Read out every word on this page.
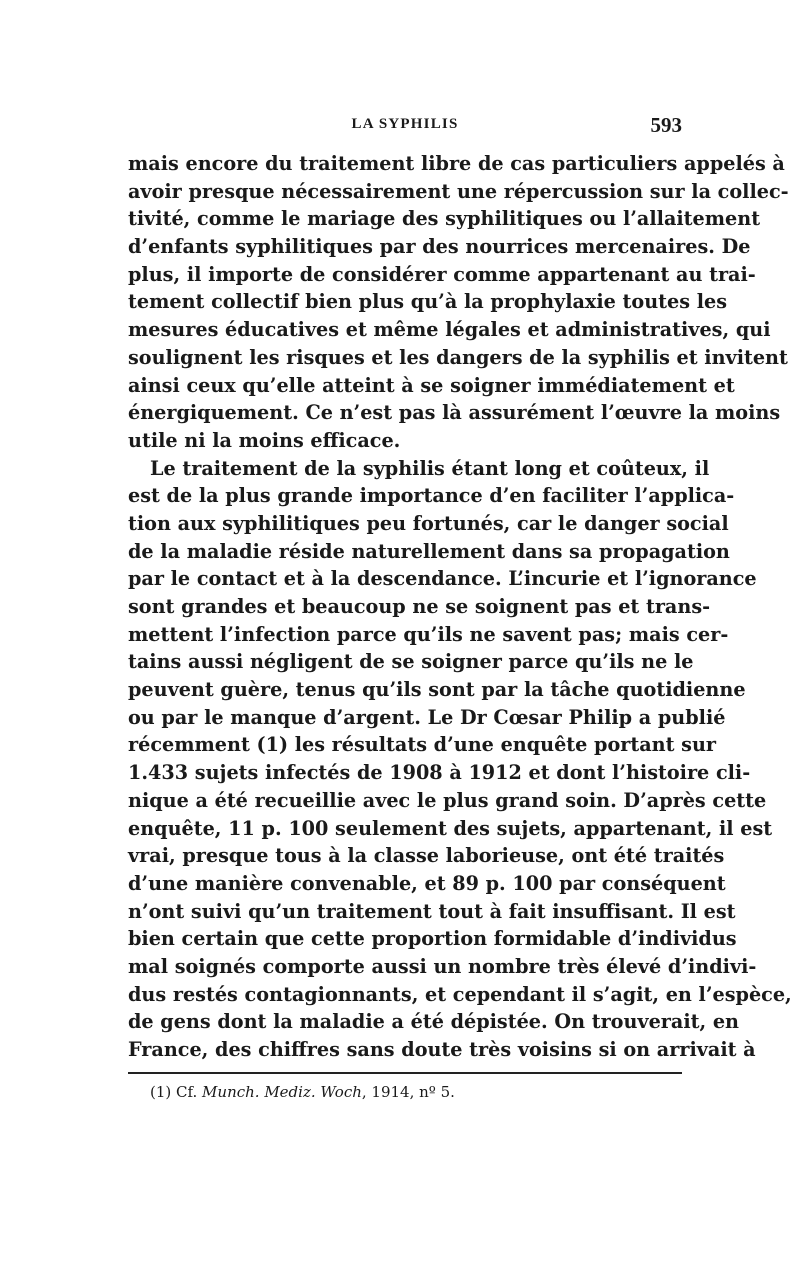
LA SYPHILIS	593
mais encore du traitement libre de cas particuliers appelés à
avoir presque nécessairement une répercussion sur la collec-
tivité, comme le mariage des syphilitiques ou l’allaitement
d’enfants syphilitiques par des nourrices mercenaires. De
plus, il importe de considérer comme appartenant au trai-
tement collectif bien plus qu’à la prophylaxie toutes les
mesures éducatives et même légales et administratives, qui
soulignent les risques et les dangers de la syphilis et invitent
ainsi ceux qu’elle atteint à se soigner immédiatement et
énergiquement. Ce n’est pas là assurément l’œuvre la moins
utile ni la moins efficace.
Le traitement de la syphilis étant long et coûteux, il
est de la plus grande importance d’en faciliter l’applica-
tion aux syphilitiques peu fortunés, car le danger social
de la maladie réside naturellement dans sa propagation
par le contact et à la descendance. L’incurie et l’ignorance
sont grandes et beaucoup ne se soignent pas et trans-
mettent l’infection parce qu’ils ne savent pas; mais cer-
tains aussi négligent de se soigner parce qu’ils ne le
peuvent guère, tenus qu’ils sont par la tâche quotidienne
ou par le manque d’argent. Le Dr Cœsar Philip a publié
récemment (1) les résultats d’une enquête portant sur
1.433 sujets infectés de 1908 à 1912 et dont l’histoire cli-
nique a été recueillie avec le plus grand soin. D’après cette
enquête, 11 p. 100 seulement des sujets, appartenant, il est
vrai, presque tous à la classe laborieuse, ont été traités
d’une manière convenable, et 89 p. 100 par conséquent
n’ont suivi qu’un traitement tout à fait insuffisant. Il est
bien certain que cette proportion formidable d’individus
mal soignés comporte aussi un nombre très élevé d’indivi-
dus restés contagionnants, et cependant il s’agit, en l’espèce,
de gens dont la maladie a été dépistée. On trouverait, en
France, des chiffres sans doute très voisins si on arrivait à
(1) Cf. Munch. Mediz. Woch, 1914, nº 5.
